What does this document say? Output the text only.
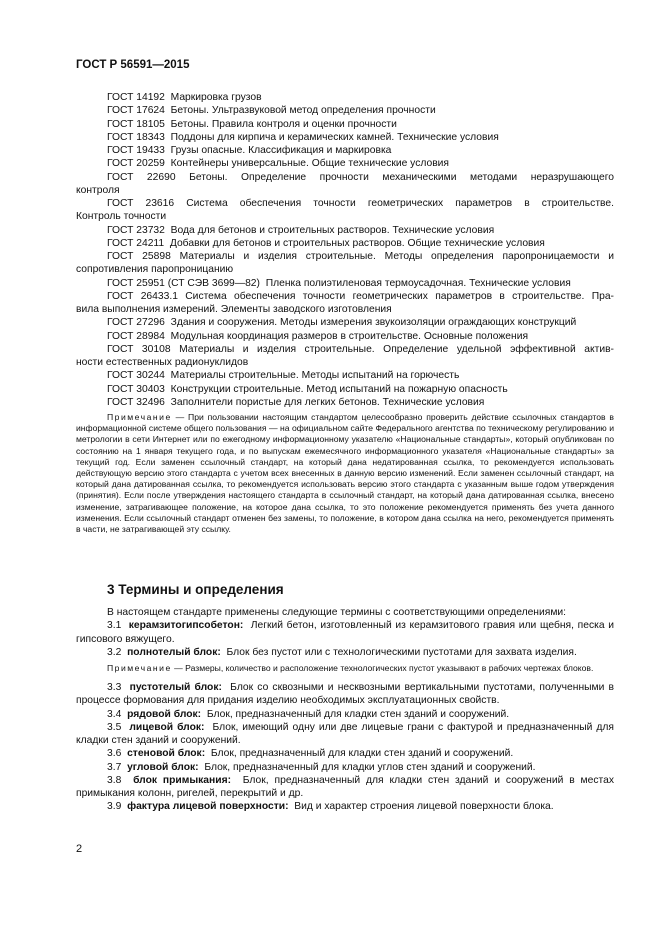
ГОСТ Р 56591—2015
ГОСТ 14192 Маркировка грузов
ГОСТ 17624 Бетоны. Ультразвуковой метод определения прочности
ГОСТ 18105 Бетоны. Правила контроля и оценки прочности
ГОСТ 18343 Поддоны для кирпича и керамических камней. Технические условия
ГОСТ 19433 Грузы опасные. Классификация и маркировка
ГОСТ 20259 Контейнеры универсальные. Общие технические условия
ГОСТ 22690 Бетоны. Определение прочности механическими методами неразрушающего
контроля
ГОСТ 23616 Система обеспечения точности геометрических параметров в строительстве.
Контроль точности
ГОСТ 23732 Вода для бетонов и строительных растворов. Технические условия
ГОСТ 24211 Добавки для бетонов и строительных растворов. Общие технические условия
ГОСТ 25898 Материалы и изделия строительные. Методы определения паропроницаемости и
сопротивления паропроницанию
ГОСТ 25951 (СТ СЭВ 3699—82) Пленка полиэтиленовая термоусадочная. Технические условия
ГОСТ 26433.1 Система обеспечения точности геометрических параметров в строительстве. Пра-
вила выполнения измерений. Элементы заводского изготовления
ГОСТ 27296 Здания и сооружения. Методы измерения звукоизоляции ограждающих конструкций
ГОСТ 28984 Модульная координация размеров в строительстве. Основные положения
ГОСТ 30108 Материалы и изделия строительные. Определение удельной эффективной актив-
ности естественных радионуклидов
ГОСТ 30244 Материалы строительные. Методы испытаний на горючесть
ГОСТ 30403 Конструкции строительные. Метод испытаний на пожарную опасность
ГОСТ 32496 Заполнители пористые для легких бетонов. Технические условия
Примечание — При пользовании настоящим стандартом целесообразно проверить действие ссылочных стандартов в информационной системе общего пользования — на официальном сайте Федерального агентства по техническому регулированию и метрологии в сети Интернет или по ежегодному информационному указателю «Национальные стандарты», который опубликован по состоянию на 1 января текущего года, и по выпускам ежемесячного информационного указателя «Национальные стандарты» за текущий год. Если заменен ссылочный стандарт, на который дана недатированная ссылка, то рекомендуется использовать действующую версию этого стандарта с учетом всех внесенных в данную версию изменений. Если заменен ссылочный стандарт, на который дана датированная ссылка, то рекомендуется использовать версию этого стандарта с указанным выше годом утверждения (принятия). Если после утверждения настоящего стандарта в ссылочный стандарт, на который дана датированная ссылка, внесено изменение, затрагивающее положение, на которое дана ссылка, то это положение рекомендуется применять без учета данного изменения. Если ссылочный стандарт отменен без замены, то положение, в котором дана ссылка на него, рекомендуется применять в части, не затрагивающей эту ссылку.
3 Термины и определения
В настоящем стандарте применены следующие термины с соответствующими определениями:
3.1 керамзитогипсобетон: Легкий бетон, изготовленный из керамзитового гравия или щебня, песка и гипсового вяжущего.
3.2 полнотелый блок: Блок без пустот или с технологическими пустотами для захвата изделия.
Примечание — Размеры, количество и расположение технологических пустот указывают в рабочих чертежах блоков.
3.3 пустотелый блок: Блок со сквозными и несквозными вертикальными пустотами, полученными в процессе формования для придания изделию необходимых эксплуатационных свойств.
3.4 рядовой блок: Блок, предназначенный для кладки стен зданий и сооружений.
3.5 лицевой блок: Блок, имеющий одну или две лицевые грани с фактурой и предназначенный для кладки стен зданий и сооружений.
3.6 стеновой блок: Блок, предназначенный для кладки стен зданий и сооружений.
3.7 угловой блок: Блок, предназначенный для кладки углов стен зданий и сооружений.
3.8 блок примыкания: Блок, предназначенный для кладки стен зданий и сооружений в местах примыкания колонн, ригелей, перекрытий и др.
3.9 фактура лицевой поверхности: Вид и характер строения лицевой поверхности блока.
2
